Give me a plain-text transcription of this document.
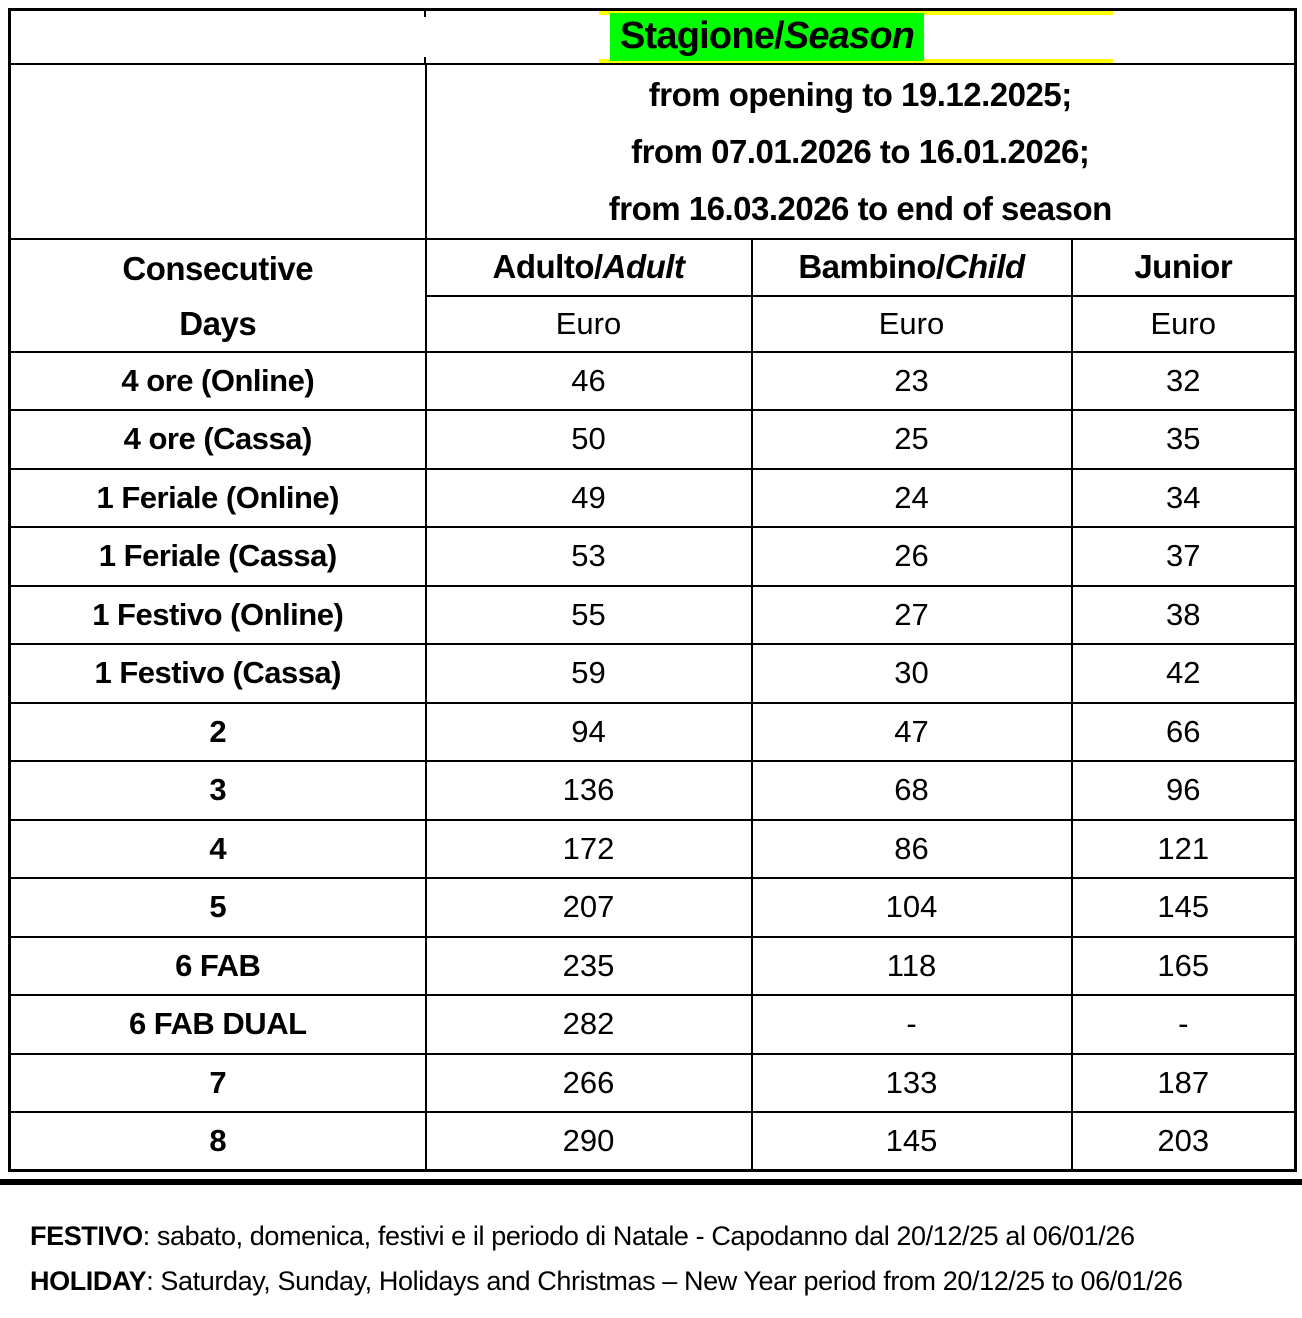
Stagione/ Season			

	from opening to 19.12.2025;
from 07.01.2026 to 16.01.2026;
from 16.03.2026 to end of season		

Consecutive
Days	Adulto/Adult	Bambino/Child	Junior
	Euro	Euro	Euro
4 ore (Online)	46	23	32
4 ore (Cassa)	50	25	35
1 Feriale (Online)	49	24	34
1 Feriale (Cassa)	53	26	37
1 Festivo (Online)	55	27	38
1 Festivo (Cassa)	59	30	42
2	94	47	66
3	136	68	96
4	172	86	121
5	207	104	145
6 FAB	235	118	165
6 FAB DUAL	282	-	-
7	266	133	187
8	290	145	203
FESTIVO: sabato, domenica, festivi e il periodo di Natale - Capodanno dal 20/12/25 al 06/01/26
HOLIDAY: Saturday, Sunday, Holidays and Christmas – New Year period from 20/12/25 to 06/01/26
